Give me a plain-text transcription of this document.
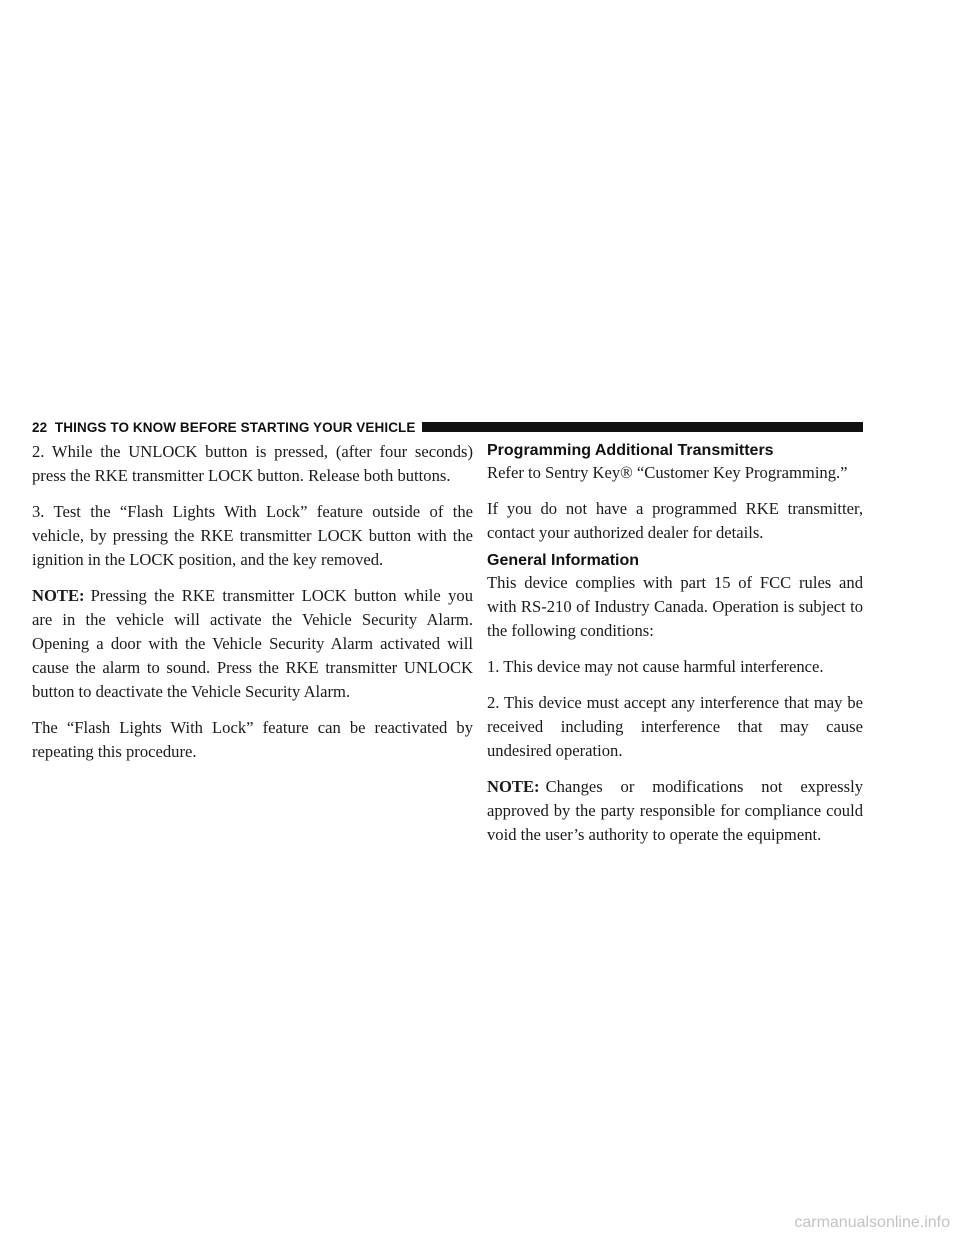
22 THINGS TO KNOW BEFORE STARTING YOUR VEHICLE

2. While the UNLOCK button is pressed, (after four seconds) press the RKE transmitter LOCK button. Release both buttons.

3. Test the “Flash Lights With Lock” feature outside of the vehicle, by pressing the RKE transmitter LOCK button with the ignition in the LOCK position, and the key removed.

NOTE: Pressing the RKE transmitter LOCK button while you are in the vehicle will activate the Vehicle Security Alarm. Opening a door with the Vehicle Security Alarm activated will cause the alarm to sound. Press the RKE transmitter UNLOCK button to deactivate the Vehicle Security Alarm.

The “Flash Lights With Lock” feature can be reactivated by repeating this procedure.

Programming Additional Transmitters

Refer to Sentry Key® “Customer Key Programming.”

If you do not have a programmed RKE transmitter, contact your authorized dealer for details.

General Information

This device complies with part 15 of FCC rules and with RS-210 of Industry Canada. Operation is subject to the following conditions:

1. This device may not cause harmful interference.

2. This device must accept any interference that may be received including interference that may cause undesired operation.

NOTE: Changes or modifications not expressly approved by the party responsible for compliance could void the user’s authority to operate the equipment.

carmanualsonline.info
